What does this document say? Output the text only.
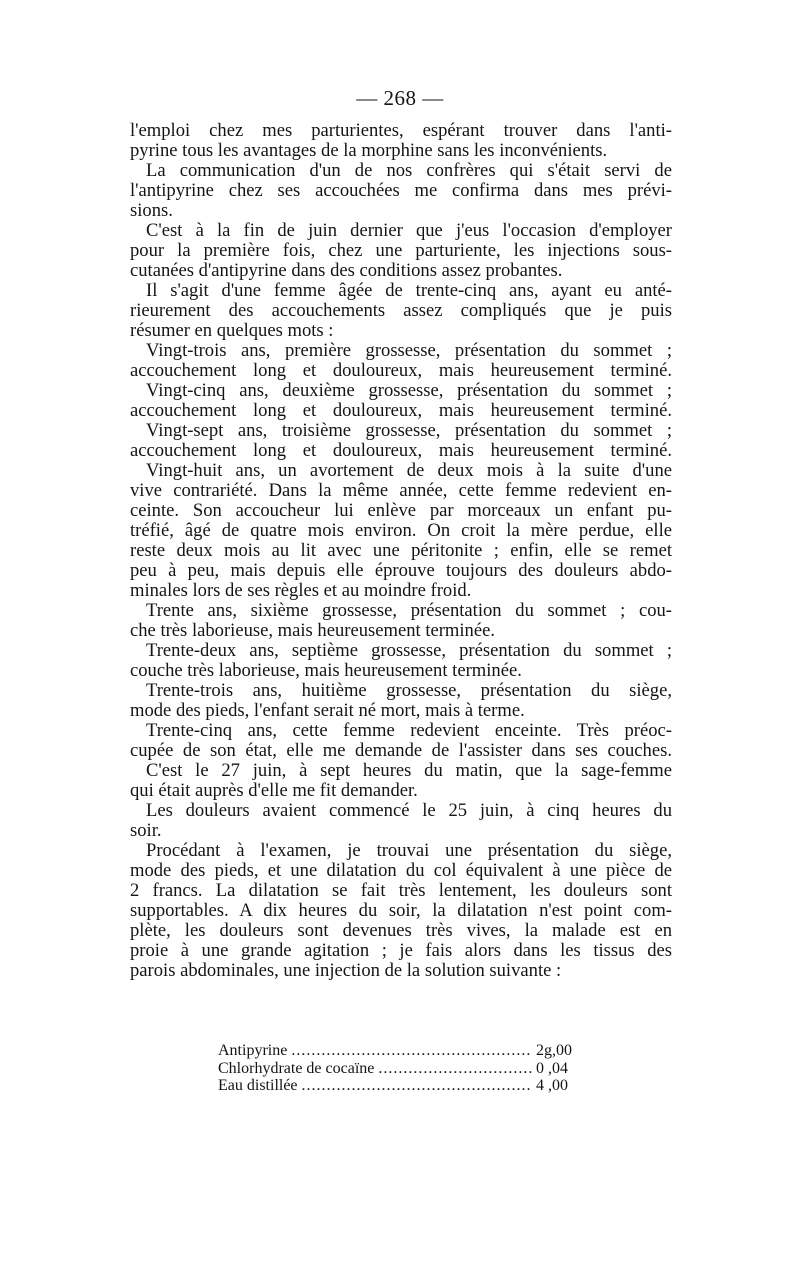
— 268 —
l'emploi chez mes parturientes, espérant trouver dans l'anti-
pyrine tous les avantages de la morphine sans les inconvénients.
La communication d'un de nos confrères qui s'était servi de
l'antipyrine chez ses accouchées me confirma dans mes prévi-
sions.
C'est à la fin de juin dernier que j'eus l'occasion d'employer
pour la première fois, chez une parturiente, les injections sous-
cutanées d'antipyrine dans des conditions assez probantes.
Il s'agit d'une femme âgée de trente-cinq ans, ayant eu anté-
rieurement des accouchements assez compliqués que je puis
résumer en quelques mots :
Vingt-trois ans, première grossesse, présentation du sommet ;
accouchement long et douloureux, mais heureusement terminé.
Vingt-cinq ans, deuxième grossesse, présentation du sommet ;
accouchement long et douloureux, mais heureusement terminé.
Vingt-sept ans, troisième grossesse, présentation du sommet ;
accouchement long et douloureux, mais heureusement terminé.
Vingt-huit ans, un avortement de deux mois à la suite d'une
vive contrariété. Dans la même année, cette femme redevient en-
ceinte. Son accoucheur lui enlève par morceaux un enfant pu-
tréfié, âgé de quatre mois environ. On croit la mère perdue, elle
reste deux mois au lit avec une péritonite ; enfin, elle se remet
peu à peu, mais depuis elle éprouve toujours des douleurs abdo-
minales lors de ses règles et au moindre froid.
Trente ans, sixième grossesse, présentation du sommet ; cou-
che très laborieuse, mais heureusement terminée.
Trente-deux ans, septième grossesse, présentation du sommet ;
couche très laborieuse, mais heureusement terminée.
Trente-trois ans, huitième grossesse, présentation du siège,
mode des pieds, l'enfant serait né mort, mais à terme.
Trente-cinq ans, cette femme redevient enceinte. Très préoc-
cupée de son état, elle me demande de l'assister dans ses couches.
C'est le 27 juin, à sept heures du matin, que la sage-femme
qui était auprès d'elle me fit demander.
Les douleurs avaient commencé le 25 juin, à cinq heures du
soir.
Procédant à l'examen, je trouvai une présentation du siège,
mode des pieds, et une dilatation du col équivalent à une pièce de
2 francs. La dilatation se fait très lentement, les douleurs sont
supportables. A dix heures du soir, la dilatation n'est point com-
plète, les douleurs sont devenues très vives, la malade est en
proie à une grande agitation ; je fais alors dans les tissus des
parois abdominales, une injection de la solution suivante :
Antipyrine .....	2g,00
Chlorhydrate de cocaïne .....	0 ,04
Eau distillée .....	4 ,00
